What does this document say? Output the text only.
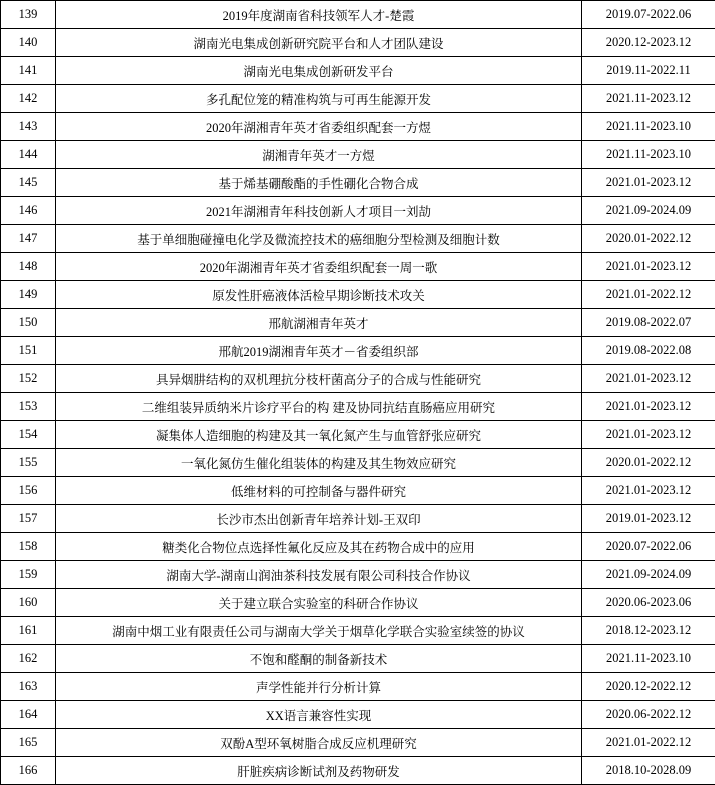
139	2019年度湖南省科技领军人才-楚霞	2019.07-2022.06
140	湖南光电集成创新研究院平台和人才团队建设	2020.12-2023.12
141	湖南光电集成创新研发平台	2019.11-2022.11
142	多孔配位笼的精准构筑与可再生能源开发	2021.11-2023.12
143	2020年湖湘青年英才省委组织配套一方煜	2021.11-2023.10
144	湖湘青年英才一方煜	2021.11-2023.10
145	基于烯基硼酸酯的手性硼化合物合成	2021.01-2023.12
146	2021年湖湘青年科技创新人才项目一刘劼	2021.09-2024.09
147	基于单细胞碰撞电化学及微流控技术的癌细胞分型检测及细胞计数	2020.01-2022.12
148	2020年湖湘青年英才省委组织配套一周一歌	2021.01-2023.12
149	原发性肝癌液体活检早期诊断技术攻关	2021.01-2022.12
150	邢航湖湘青年英才	2019.08-2022.07
151	邢航2019湖湘青年英才－省委组织部	2019.08-2022.08
152	具异烟肼结构的双机理抗分枝杆菌高分子的合成与性能研究	2021.01-2023.12
153	二维组装异质纳米片诊疗平台的构 建及协同抗结直肠癌应用研究	2021.01-2023.12
154	凝集体人造细胞的构建及其一氧化氮产生与血管舒张应研究	2021.01-2023.12
155	一氧化氮仿生催化组装体的构建及其生物效应研究	2020.01-2022.12
156	低维材料的可控制备与器件研究	2021.01-2023.12
157	长沙市杰出创新青年培养计划-王双印	2019.01-2023.12
158	糖类化合物位点选择性氟化反应及其在药物合成中的应用	2020.07-2022.06
159	湖南大学-湖南山润油茶科技发展有限公司科技合作协议	2021.09-2024.09
160	关于建立联合实验室的科研合作协议	2020.06-2023.06
161	湖南中烟工业有限责任公司与湖南大学关于烟草化学联合实验室续签的协议	2018.12-2023.12
162	不饱和醛酮的制备新技术	2021.11-2023.10
163	声学性能并行分析计算	2020.12-2022.12
164	XX语言兼容性实现	2020.06-2022.12
165	双酚A型环氧树脂合成反应机理研究	2021.01-2022.12
166	肝脏疾病诊断试剂及药物研发	2018.10-2028.09
